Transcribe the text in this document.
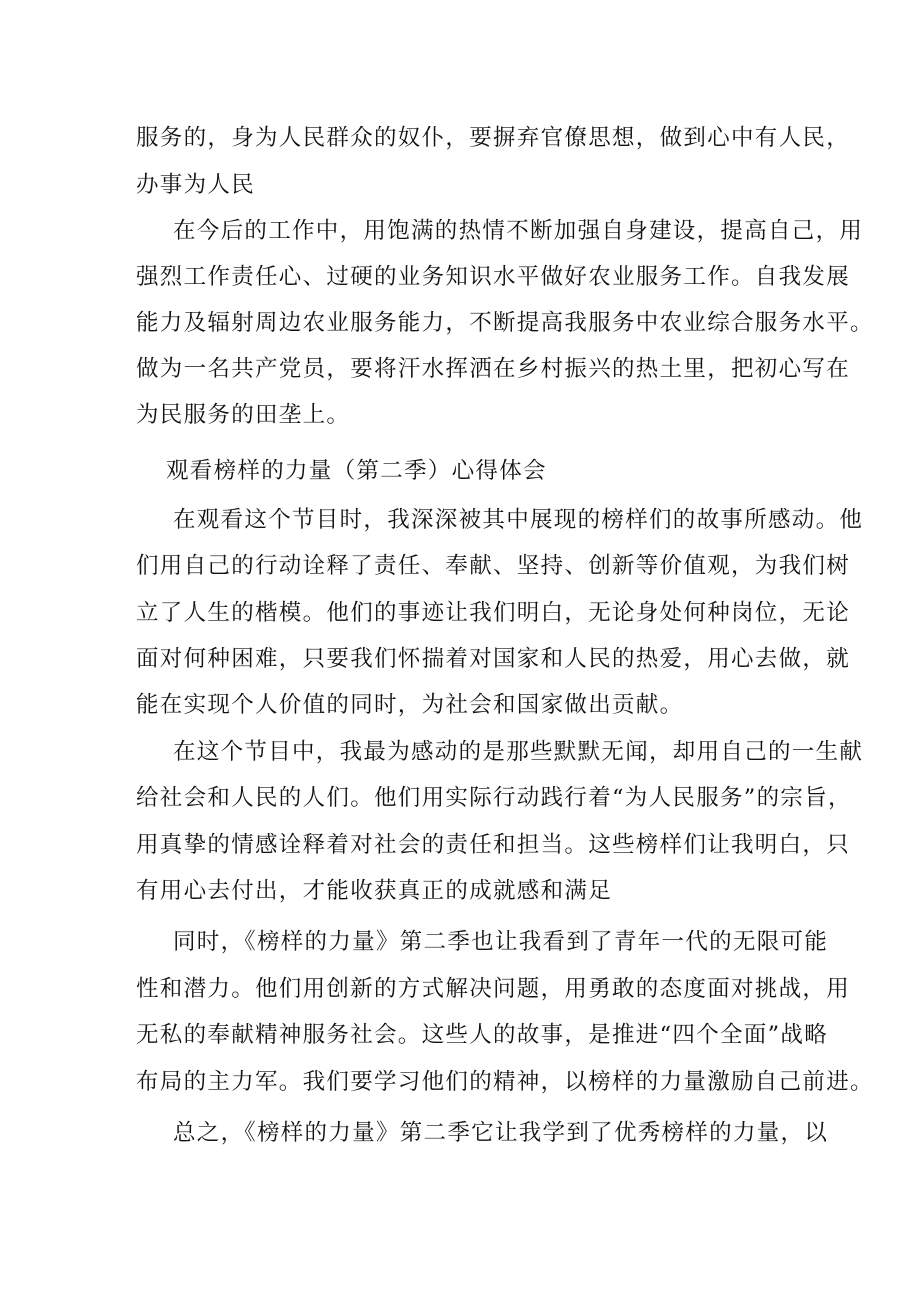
服务的，身为人民群众的奴仆，要摒弃官僚思想，做到心中有人民，
办事为人民
在今后的工作中，用饱满的热情不断加强自身建设，提高自己，用
强烈工作责任心、过硬的业务知识水平做好农业服务工作。自我发展
能力及辐射周边农业服务能力，不断提高我服务中农业综合服务水平。
做为一名共产党员，要将汗水挥洒在乡村振兴的热土里，把初心写在
为民服务的田垄上。
观看榜样的力量（第二季）心得体会
在观看这个节目时，我深深被其中展现的榜样们的故事所感动。他
们用自己的行动诠释了责任、奉献、坚持、创新等价值观，为我们树
立了人生的楷模。他们的事迹让我们明白，无论身处何种岗位，无论
面对何种困难，只要我们怀揣着对国家和人民的热爱，用心去做，就
能在实现个人价值的同时，为社会和国家做出贡献。
在这个节目中，我最为感动的是那些默默无闻，却用自己的一生献
给社会和人民的人们。他们用实际行动践行着“为人民服务”的宗旨，
用真挚的情感诠释着对社会的责任和担当。这些榜样们让我明白，只
有用心去付出，才能收获真正的成就感和满足
同时，《榜样的力量》第二季也让我看到了青年一代的无限可能
性和潜力。他们用创新的方式解决问题，用勇敢的态度面对挑战，用
无私的奉献精神服务社会。这些人的故事，是推进“四个全面”战略
布局的主力军。我们要学习他们的精神，以榜样的力量激励自己前进。
总之，《榜样的力量》第二季它让我学到了优秀榜样的力量，以
